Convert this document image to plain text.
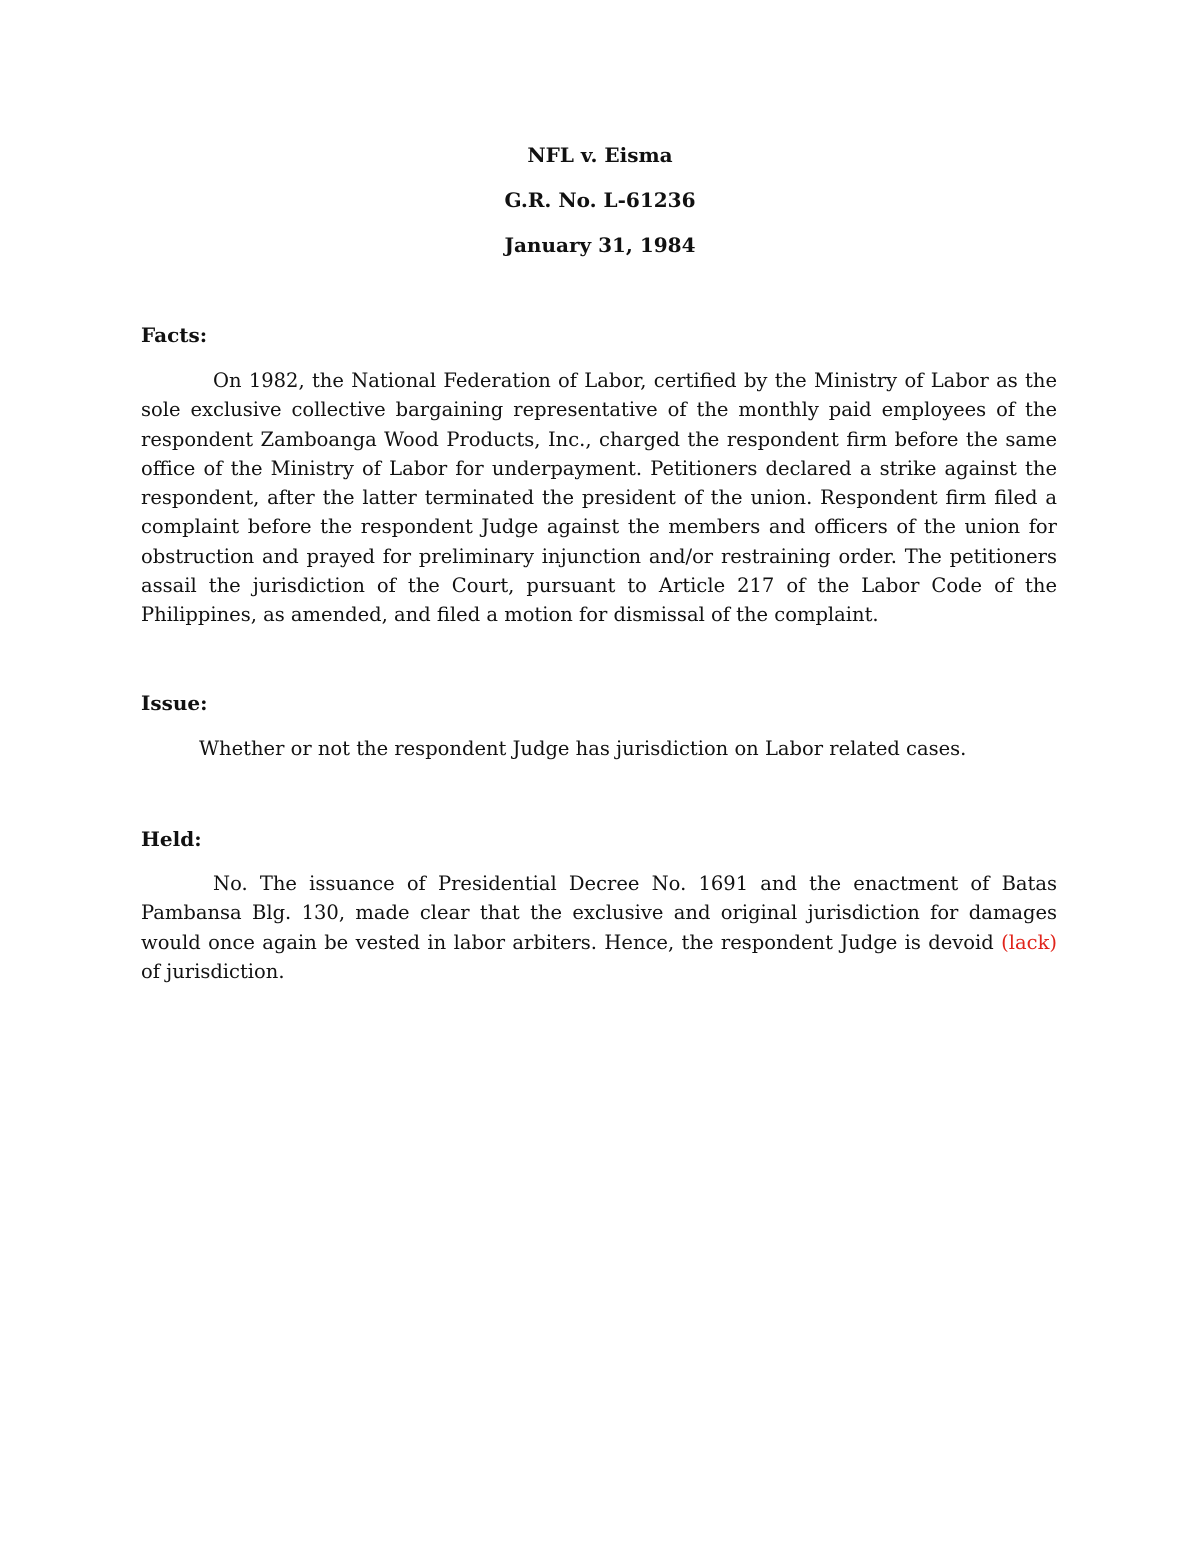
NFL v. Eisma

G.R. No. L-61236

January 31, 1984

Facts:

On 1982, the National Federation of Labor, certified by the Ministry of Labor as the sole exclusive collective bargaining representative of the monthly paid employees of the respondent Zamboanga Wood Products, Inc., charged the respondent firm before the same office of the Ministry of Labor for underpayment. Petitioners declared a strike against the respondent, after the latter terminated the president of the union. Respondent firm filed a complaint before the respondent Judge against the members and officers of the union for obstruction and prayed for preliminary injunction and/or restraining order. The petitioners assail the jurisdiction of the Court, pursuant to Article 217 of the Labor Code of the Philippines, as amended, and filed a motion for dismissal of the complaint.

Issue:

Whether or not the respondent Judge has jurisdiction on Labor related cases.

Held:

No. The issuance of Presidential Decree No. 1691 and the enactment of Batas Pambansa Blg. 130, made clear that the exclusive and original jurisdiction for damages would once again be vested in labor arbiters. Hence, the respondent Judge is devoid (lack) of jurisdiction.
